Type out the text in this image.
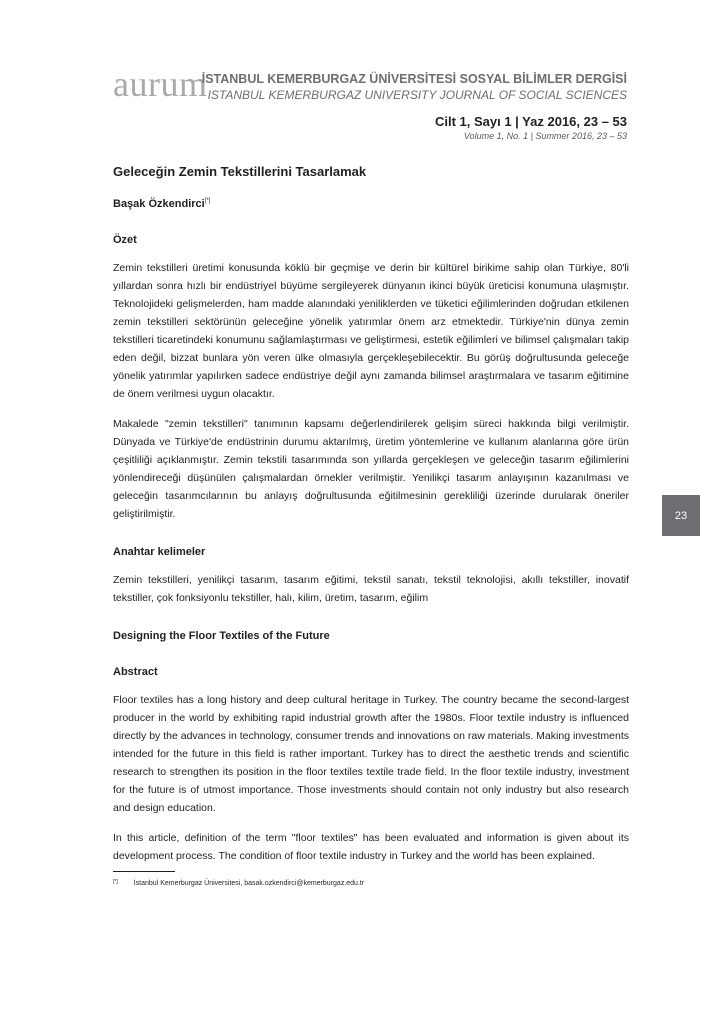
aurum
İSTANBUL KEMERBURGAZ ÜNİVERSİTESİ SOSYAL BİLİMLER DERGİSİ
ISTANBUL KEMERBURGAZ UNIVERSITY JOURNAL OF SOCIAL SCIENCES
Cilt 1, Sayı 1 | Yaz 2016, 23 – 53
Volume 1, No. 1 | Summer 2016, 23 – 53
Geleceğin Zemin Tekstillerini Tasarlamak
Başak Özkendirci[*]
Özet

Zemin tekstilleri üretimi konusunda köklü bir geçmişe ve derin bir kültürel birikime sahip olan Türkiye, 80'li yıllardan sonra hızlı bir endüstriyel büyüme sergileyerek dünyanın ikinci büyük üreticisi konumuna ulaşmıştır. Teknolojideki gelişmelerden, ham madde alanındaki yeniliklerden ve tüketici eğilimlerinden doğrudan etkilenen zemin tekstilleri sektörünün geleceğine yönelik yatırımlar önem arz etmektedir. Türkiye'nin dünya zemin tekstilleri ticaretindeki konumunu sağlamlaştırması ve geliştirmesi, estetik eğilimleri ve bilimsel çalışmaları takip eden değil, bizzat bunlara yön veren ülke olmasıyla gerçekleşebilecektir. Bu görüş doğrultusunda geleceğe yönelik yatırımlar yapılırken sadece endüstriye değil aynı zamanda bilimsel araştırmalara ve tasarım eğitimine de önem verilmesi uygun olacaktır.

Makalede "zemin tekstilleri" tanımının kapsamı değerlendirilerek gelişim süreci hakkında bilgi verilmiştir. Dünyada ve Türkiye'de endüstrinin durumu aktarılmış, üretim yöntemlerine ve kullanım alanlarına göre ürün çeşitliliği açıklanmıştır. Zemin tekstili tasarımında son yıllarda gerçekleşen ve geleceğin tasarım eğilimlerini yönlendireceği düşünülen çalışmalardan örnekler verilmiştir. Yenilikçi tasarım anlayışının kazanılması ve geleceğin tasarımcılarının bu anlayış doğrultusunda eğitilmesinin gerekliliği üzerinde durularak öneriler geliştirilmiştir.

Anahtar kelimeler

Zemin tekstilleri, yenilikçi tasarım, tasarım eğitimi, tekstil sanatı, tekstil teknolojisi, akıllı tekstiller, inovatif tekstiller, çok fonksiyonlu tekstiller, halı, kilim, üretim, tasarım, eğilim

Designing the Floor Textiles of the Future
Abstract

Floor textiles has a long history and deep cultural heritage in Turkey. The country became the second-largest producer in the world by exhibiting rapid industrial growth after the 1980s. Floor textile industry is influenced directly by the advances in technology, consumer trends and innovations on raw materials. Making investments intended for the future in this field is rather important. Turkey has to direct the aesthetic trends and scientific research to strengthen its position in the floor textiles textile trade field. In the floor textile industry, investment for the future is of utmost importance. Those investments should contain not only industry but also research and design education.

In this article, definition of the term "floor textiles" has been evaluated and information is given about its development process. The condition of floor textile industry in Turkey and the world has been explained.

23
[*] İstanbul Kemerburgaz Üniversitesi, basak.ozkendirci@kemerburgaz.edu.tr
